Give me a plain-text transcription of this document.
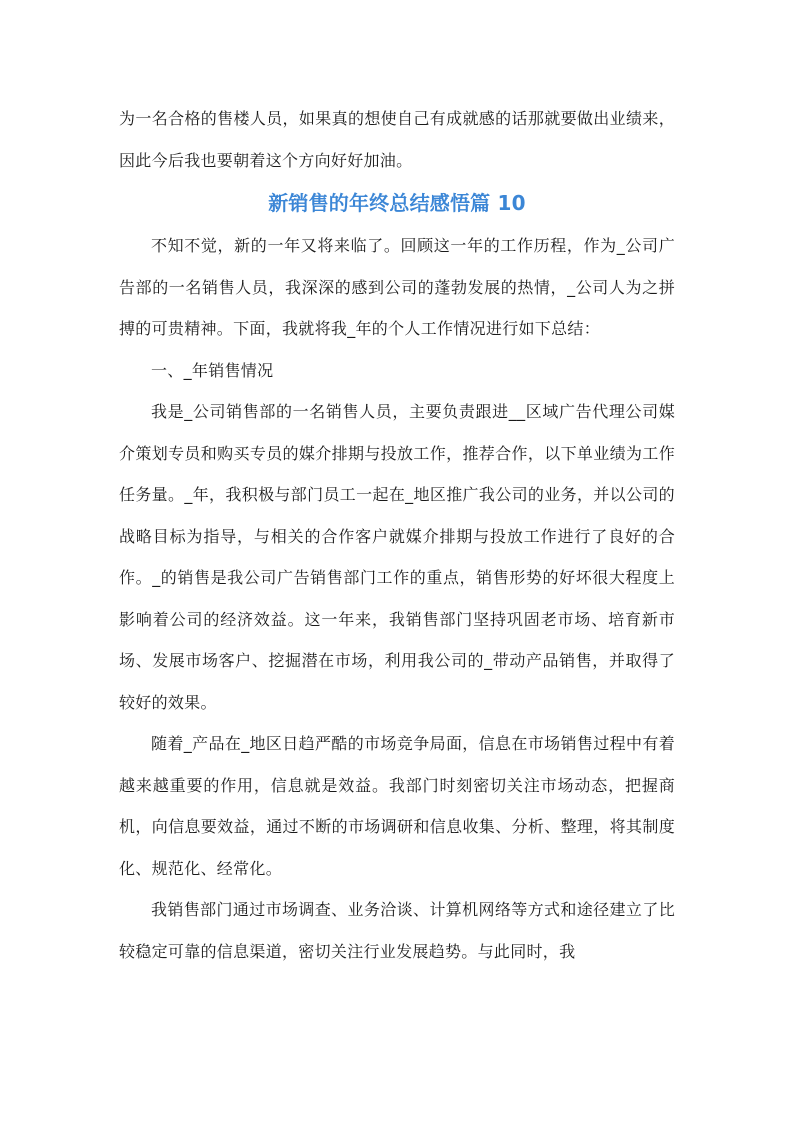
为一名合格的售楼人员，如果真的想使自己有成就感的话那就要做出业绩来，因此今后我也要朝着这个方向好好加油。

新销售的年终总结感悟篇 10

不知不觉，新的一年又将来临了。回顾这一年的工作历程，作为_公司广告部的一名销售人员，我深深的感到公司的蓬勃发展的热情，_公司人为之拼搏的可贵精神。下面，我就将我_年的个人工作情况进行如下总结：

一、_年销售情况

我是_公司销售部的一名销售人员，主要负责跟进__区域广告代理公司媒介策划专员和购买专员的媒介排期与投放工作，推荐合作，以下单业绩为工作任务量。_年，我积极与部门员工一起在_地区推广我公司的业务，并以公司的战略目标为指导，与相关的合作客户就媒介排期与投放工作进行了良好的合作。_的销售是我公司广告销售部门工作的重点，销售形势的好坏很大程度上影响着公司的经济效益。这一年来，我销售部门坚持巩固老市场、培育新市场、发展市场客户、挖掘潜在市场，利用我公司的_带动产品销售，并取得了较好的效果。

随着_产品在_地区日趋严酷的市场竞争局面，信息在市场销售过程中有着越来越重要的作用，信息就是效益。我部门时刻密切关注市场动态，把握商机，向信息要效益，通过不断的市场调研和信息收集、分析、整理，将其制度化、规范化、经常化。

我销售部门通过市场调查、业务洽谈、计算机网络等方式和途径建立了比较稳定可靠的信息渠道，密切关注行业发展趋势。与此同时，我
